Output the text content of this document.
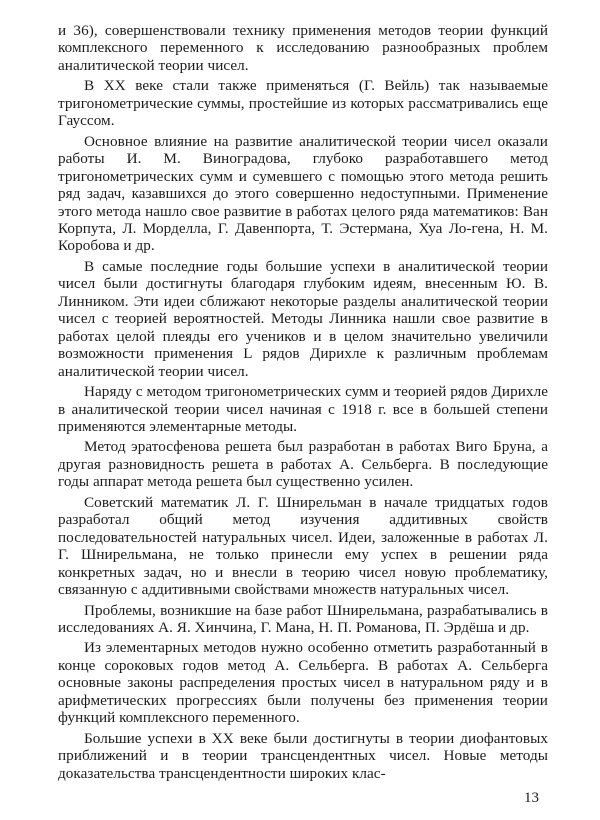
и 36), совершенствовали технику применения методов теории функций комплексного переменного к исследованию разнообразных проблем аналитической теории чисел.

В XX веке стали также применяться (Г. Вейль) так называемые тригонометрические суммы, простейшие из которых рассматривались еще Гауссом.

Основное влияние на развитие аналитической теории чисел оказали работы И. М. Виноградова, глубоко разработавшего метод тригонометрических сумм и сумевшего с помощью этого метода решить ряд задач, казавшихся до этого совершенно недоступными. Применение этого метода нашло свое развитие в работах целого ряда математиков: Ван Корпута, Л. Морделла, Г. Давенпорта, Т. Эстермана, Хуа Ло-гена, Н. М. Коробова и др.

В самые последние годы большие успехи в аналитической теории чисел были достигнуты благодаря глубоким идеям, внесенным Ю. В. Линником. Эти идеи сближают некоторые разделы аналитической теории чисел с теорией вероятностей. Методы Линника нашли свое развитие в работах целой плеяды его учеников и в целом значительно увеличили возможности применения L рядов Дирихле к различным проблемам аналитической теории чисел.

Наряду с методом тригонометрических сумм и теорией рядов Дирихле в аналитической теории чисел начиная с 1918 г. все в большей степени применяются элементарные методы.

Метод эратосфенова решета был разработан в работах Виго Бруна, а другая разновидность решета в работах А. Сельберга. В последующие годы аппарат метода решета был существенно усилен.

Советский математик Л. Г. Шнирельман в начале тридцатых годов разработал общий метод изучения аддитивных свойств последовательностей натуральных чисел. Идеи, заложенные в работах Л. Г. Шнирельмана, не только принесли ему успех в решении ряда конкретных задач, но и внесли в теорию чисел новую проблематику, связанную с аддитивными свойствами множеств натуральных чисел.

Проблемы, возникшие на базе работ Шнирельмана, разрабатывались в исследованиях А. Я. Хинчина, Г. Мана, Н. П. Романова, П. Эрдёша и др.

Из элементарных методов нужно особенно отметить разработанный в конце сороковых годов метод А. Сельберга. В работах А. Сельберга основные законы распределения простых чисел в натуральном ряду и в арифметических прогрессиях были получены без применения теории функций комплексного переменного.

Большие успехи в XX веке были достигнуты в теории диофантовых приближений и в теории трансцендентных чисел. Новые методы доказательства трансцендентности широких клас-

13
